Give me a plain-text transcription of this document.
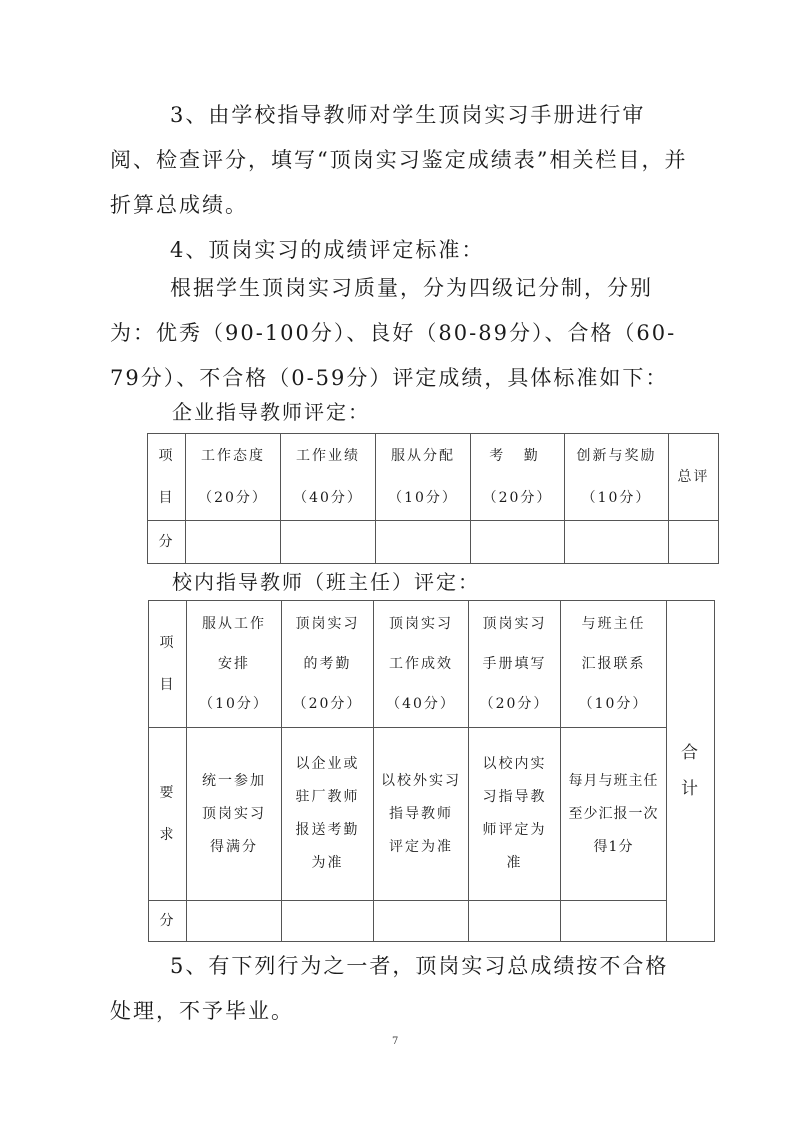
3、由学校指导教师对学生顶岗实习手册进行审阅、检查评分，填写“顶岗实习鉴定成绩表”相关栏目，并折算总成绩。

4、顶岗实习的成绩评定标准：

根据学生顶岗实习质量，分为四级记分制，分别为：优秀（90-100分）、良好（80-89分）、合格（60-79分）、不合格（0-59分）评定成绩，具体标准如下：

企业指导教师评定：

项
目	工作态度
（20分）	工作业绩
（40分）	服从分配
（10分）	考 勤
（20分）	创新与奖励
（10分）	总评
分						

校内指导教师（班主任）评定：

项
目	服从工作
安排
（10分）	顶岗实习
的考勤
（20分）	顶岗实习
工作成效
（40分）	顶岗实习
手册填写
（20分）	与班主任
汇报联系
（10分）	合
计

要
求	统一参加
顶岗实习
得满分	以企业或
驻厂教师
报送考勤
为准	以校外实习
指导教师
评定为准	以校内实
习指导教
师评定为
准	每月与班主任
至少汇报一次
得1分	

分						

5、有下列行为之一者，顶岗实习总成绩按不合格处理，不予毕业。

7
